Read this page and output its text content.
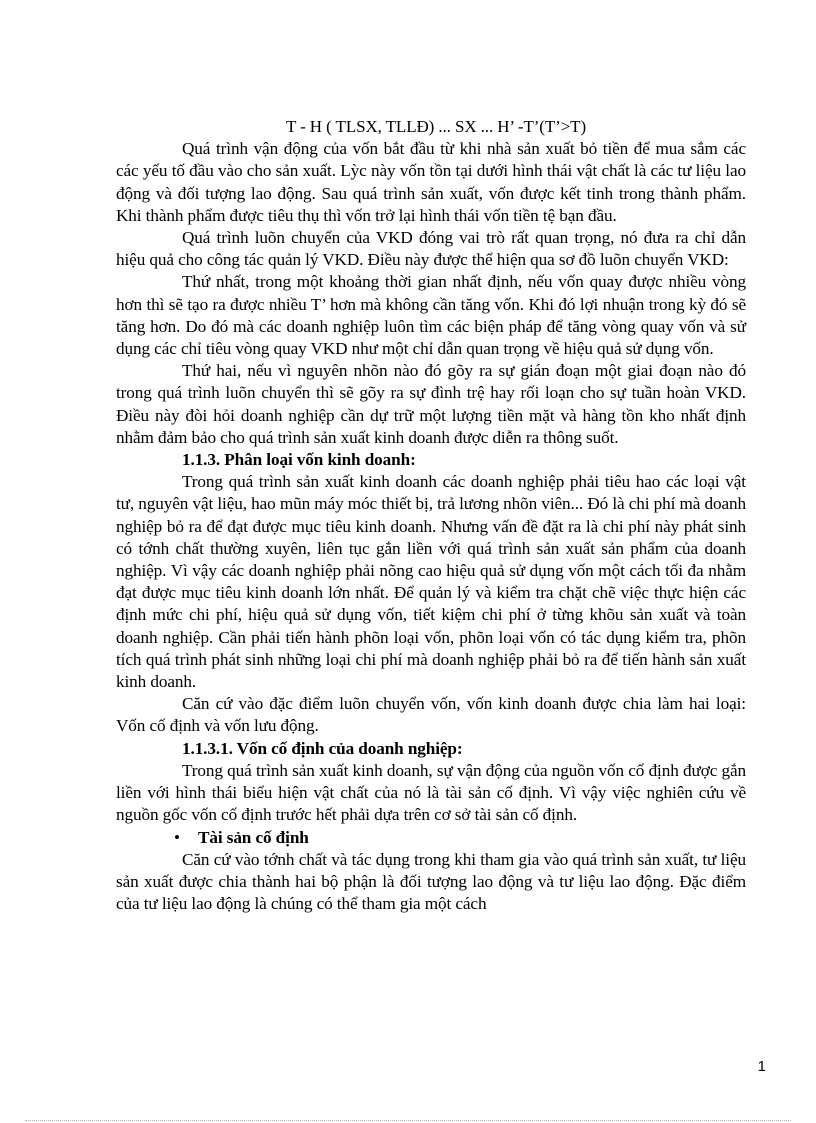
T - H ( TLSX, TLLĐ) ... SX ... H’ -T’(T’>T)

Quá trình vận động của vốn bắt đầu từ khi nhà sản xuất bỏ tiền để mua sắm các các yếu tố đầu vào cho sản xuất. Lỳc này vốn tồn tại dưới hình thái vật chất là các tư liệu lao động và đối tượng lao động. Sau quá trình sản xuất, vốn được kết tinh trong thành phẩm. Khi thành phẩm được tiêu thụ thì vốn trở lại hình thái vốn tiền tệ bạn đầu.

Quá trình luõn chuyển của VKD đóng vai trò rất quan trọng, nó đưa ra chỉ dẫn hiệu quả cho công tác quản lý VKD. Điều này được thể hiện qua sơ đồ luõn chuyển VKD:

Thứ nhất, trong một khoảng thời gian nhất định, nếu vốn quay được nhiều vòng hơn thì sẽ tạo ra được nhiều T’ hơn mà không cần tăng vốn. Khi đó lợi nhuận trong kỳ đó sẽ tăng hơn. Do đó mà các doanh nghiệp luôn tìm các biện pháp để tăng vòng quay vốn và sử dụng các chỉ tiêu vòng quay VKD như một chỉ dẫn quan trọng về hiệu quả sử dụng vốn.

Thứ hai, nếu vì nguyên nhõn nào đó gõy ra sự gián đoạn một giai đoạn nào đó trong quá trình luõn chuyển thì sẽ gõy ra sự đình trệ hay rối loạn cho sự tuần hoàn VKD. Điều này đòi hỏi doanh nghiệp cần dự trữ một lượng tiền mặt và hàng tồn kho nhất định nhằm đảm bảo cho quá trình sản xuất kinh doanh được diễn ra thông suốt.

1.1.3. Phân loại vốn kinh doanh:

Trong quá trình sản xuất kinh doanh các doanh nghiệp phải tiêu hao các loại vật tư, nguyên vật liệu, hao mũn máy móc thiết bị, trả lương nhõn viên... Đó là chi phí mà doanh nghiệp bỏ ra để đạt được mục tiêu kinh doanh. Nhưng vấn đề đặt ra là chi phí này phát sinh có tớnh chất thường xuyên, liên tục gắn liền với quá trình sản xuất sản phẩm của doanh nghiệp. Vì vậy các doanh nghiệp phải nõng cao hiệu quả sử dụng vốn một cách tối đa nhằm đạt được mục tiêu kinh doanh lớn nhất. Để quản lý và kiểm tra chặt chẽ việc thực hiện các định mức chi phí, hiệu quả sử dụng vốn, tiết kiệm chi phí ở từng khõu sản xuất và toàn doanh nghiệp. Cần phải tiến hành phõn loại vốn, phõn loại vốn có tác dụng kiểm tra, phõn tích quá trình phát sinh những loại chi phí mà doanh nghiệp phải bỏ ra để tiến hành sản xuất kinh doanh.

Căn cứ vào đặc điểm luõn chuyển vốn, vốn kinh doanh được chia làm hai loại: Vốn cố định và vốn lưu động.

1.1.3.1. Vốn cố định của doanh nghiệp:

Trong quá trình sản xuất kinh doanh, sự vận động của nguồn vốn cố định được gắn liền với hình thái biểu hiện vật chất của nó là tài sản cố định. Vì vậy việc nghiên cứu về nguồn gốc vốn cố định trước hết phải dựa trên cơ sở tài sản cố định.

•	Tài sản cố định

Căn cứ vào tớnh chất và tác dụng trong khi tham gia vào quá trình sản xuất, tư liệu sản xuất được chia thành hai bộ phận là đối tượng lao động và tư liệu lao động. Đặc điểm của tư liệu lao động là chúng có thể tham gia một cách

1
